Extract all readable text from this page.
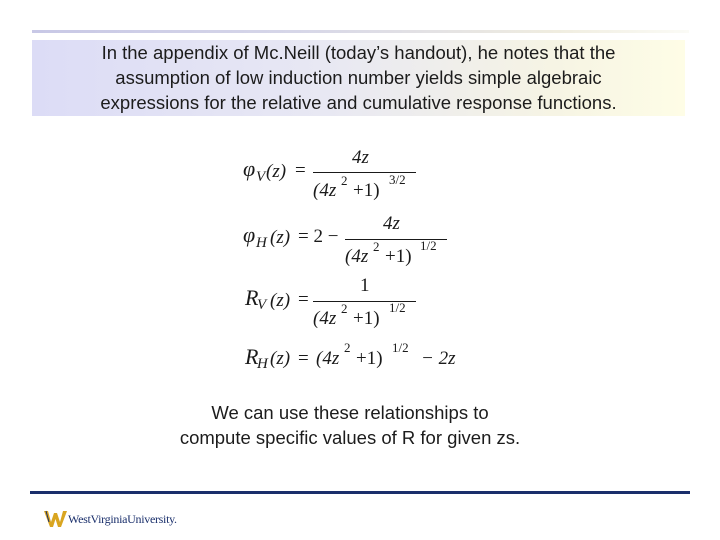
In the appendix of Mc.Neill (today’s handout), he notes that the
assumption of low induction number yields simple algebraic
expressions for the relative and cumulative response functions.
φ V (z) =
4z
(4z 2 +1)
3/2
φ H (z) = 2 −
4z
(4z 2 +1)
1/2
R
V (z) =
1
(4z 2 +1)
1/2
R
H (z) = (4z
2
+1)
1/2
− 2z
We can use these relationships to
compute specific values of R for given zs.
WestVirginiaUniversity.
